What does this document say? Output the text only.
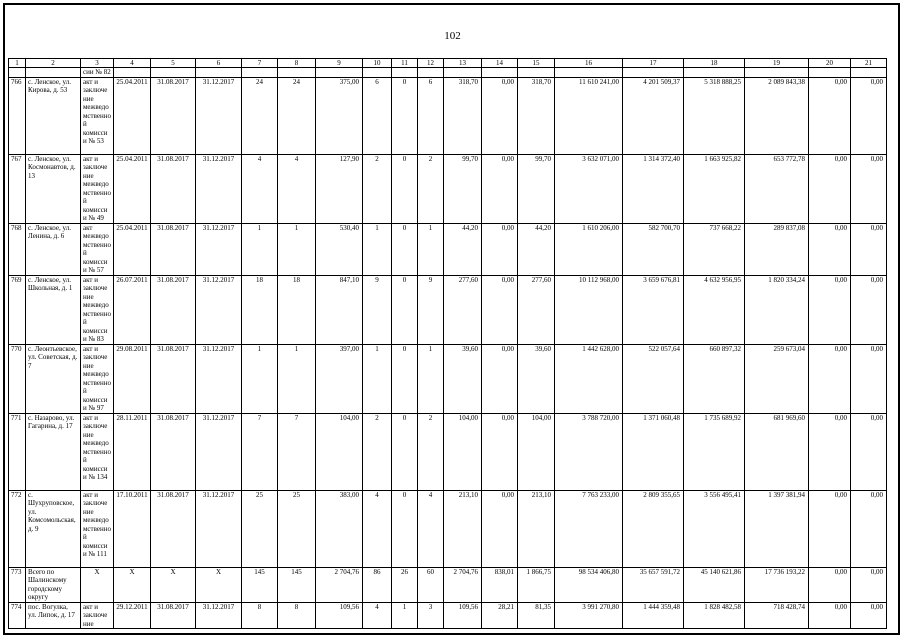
102
1	2	3	4	5	6	7	8	9	10	11	12	13	14	15	16	17	18	19	20	21
		сии № 82																		
766	с. Ленское, ул. Кирова, д. 53	акт и заключение межведомственной комиссии № 53	25.04.2011	31.08.2017	31.12.2017	24	24	375,00	6	0	6	318,70	0,00	318,70	11 610 241,00	4 201 509,37	5 318 888,25	2 089 843,38	0,00	0,00
767	с. Ленское, ул. Космонавтов, д. 13	акт и заключение межведомственной комиссии № 49	25.04.2011	31.08.2017	31.12.2017	4	4	127,90	2	0	2	99,70	0,00	99,70	3 632 071,00	1 314 372,40	1 663 925,82	653 772,78	0,00	0,00
768	с. Ленское, ул. Ленина, д. 6	акт межведомственной комиссии № 57	25.04.2011	31.08.2017	31.12.2017	1	1	530,40	1	0	1	44,20	0,00	44,20	1 610 206,00	582 700,70	737 668,22	289 837,08	0,00	0,00
769	с. Ленское, ул. Школьная, д. 1	акт и заключение межведомственной комиссии № 83	26.07.2011	31.08.2017	31.12.2017	18	18	847,10	9	0	9	277,60	0,00	277,60	10 112 968,00	3 659 676,81	4 632 956,95	1 820 334,24	0,00	0,00
770	с. Леонтьевское, ул. Советская, д. 7	акт и заключение межведомственной комиссии № 97	29.08.2011	31.08.2017	31.12.2017	1	1	397,00	1	0	1	39,60	0,00	39,60	1 442 628,00	522 057,64	660 897,32	259 673,04	0,00	0,00
771	с. Назарово, ул. Гагарина, д. 17	акт и заключение межведомственной комиссии № 134	28.11.2011	31.08.2017	31.12.2017	7	7	104,00	2	0	2	104,00	0,00	104,00	3 788 720,00	1 371 060,48	1 735 689,92	681 969,60	0,00	0,00
772	с. Шухруповское, ул. Комсомольская, д. 9	акт и заключение межведомственной комиссии № 111	17.10.2011	31.08.2017	31.12.2017	25	25	383,00	4	0	4	213,10	0,00	213,10	7 763 233,00	2 809 355,65	3 556 495,41	1 397 381,94	0,00	0,00
773	Всего по Шалинскому городскому округу	X	X	X	X	145	145	2 704,76	86	26	60	2 704,76	838,01	1 866,75	98 534 406,80	35 657 591,72	45 140 621,86	17 736 193,22	0,00	0,00
774	пос. Вогулка, ул. Липок, д. 17	акт и заключение	29.12.2011	31.08.2017	31.12.2017	8	8	109,56	4	1	3	109,56	28,21	81,35	3 991 270,80	1 444 359,48	1 828 482,58	718 428,74	0,00	0,00
